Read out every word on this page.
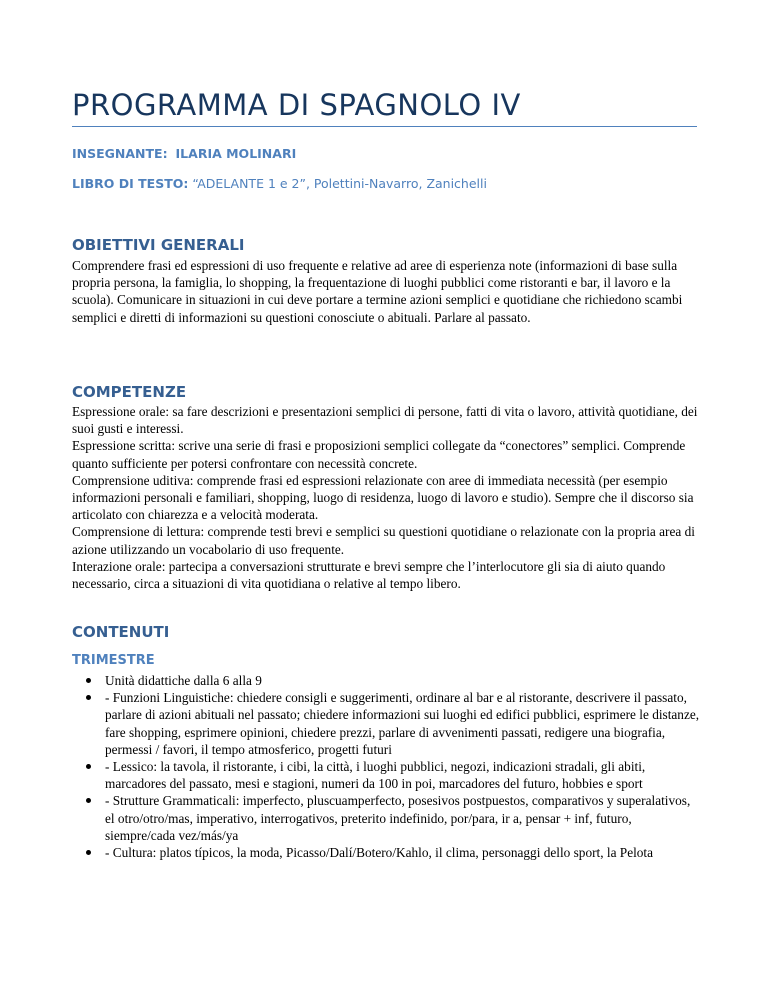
PROGRAMMA DI SPAGNOLO IV
INSEGNANTE: ILARIA MOLINARI
LIBRO DI TESTO: “ADELANTE 1 e 2”, Polettini-Navarro, Zanichelli
OBIETTIVI GENERALI

Comprendere frasi ed espressioni di uso frequente e relative ad aree di esperienza note (informazioni di base sulla propria persona, la famiglia, lo shopping, la frequentazione di luoghi pubblici come ristoranti e bar, il lavoro e la scuola). Comunicare in situazioni in cui deve portare a termine azioni semplici e quotidiane che richiedono scambi semplici e diretti di informazioni su questioni conosciute o abituali. Parlare al passato.

COMPETENZE

Espressione orale: sa fare descrizioni e presentazioni semplici di persone, fatti di vita o lavoro, attività quotidiane, dei suoi gusti e interessi.

Espressione scritta: scrive una serie di frasi e proposizioni semplici collegate da “conectores” semplici. Comprende quanto sufficiente per potersi confrontare con necessità concrete.

Comprensione uditiva: comprende frasi ed espressioni relazionate con aree di immediata necessità (per esempio informazioni personali e familiari, shopping, luogo di residenza, luogo di lavoro e studio). Sempre che il discorso sia articolato con chiarezza e a velocità moderata.

Comprensione di lettura: comprende testi brevi e semplici su questioni quotidiane o relazionate con la propria area di azione utilizzando un vocabolario di uso frequente.

Interazione orale: partecipa a conversazioni strutturate e brevi sempre che l’interlocutore gli sia di aiuto quando necessario, circa a situazioni di vita quotidiana o relative al tempo libero.

CONTENUTI
TRIMESTRE
Unità didattiche dalla 6 alla 9
- Funzioni Linguistiche: chiedere consigli e suggerimenti, ordinare al bar e al ristorante, descrivere il passato, parlare di azioni abituali nel passato; chiedere informazioni sui luoghi ed edifici pubblici, esprimere le distanze, fare shopping, esprimere opinioni, chiedere prezzi, parlare di avvenimenti passati, redigere una biografia, permessi / favori, il tempo atmosferico, progetti futuri
- Lessico: la tavola, il ristorante, i cibi, la città, i luoghi pubblici, negozi, indicazioni stradali, gli abiti, marcadores del passato, mesi e stagioni, numeri da 100 in poi, marcadores del futuro, hobbies e sport
- Strutture Grammaticali: imperfecto, pluscuamperfecto, posesivos postpuestos, comparativos y superalativos, el otro/otro/mas, imperativo, interrogativos, preterito indefinido, por/para, ir a, pensar + inf, futuro, siempre/cada vez/más/ya
- Cultura: platos típicos, la moda, Picasso/Dalí/Botero/Kahlo, il clima, personaggi dello sport, la Pelota
